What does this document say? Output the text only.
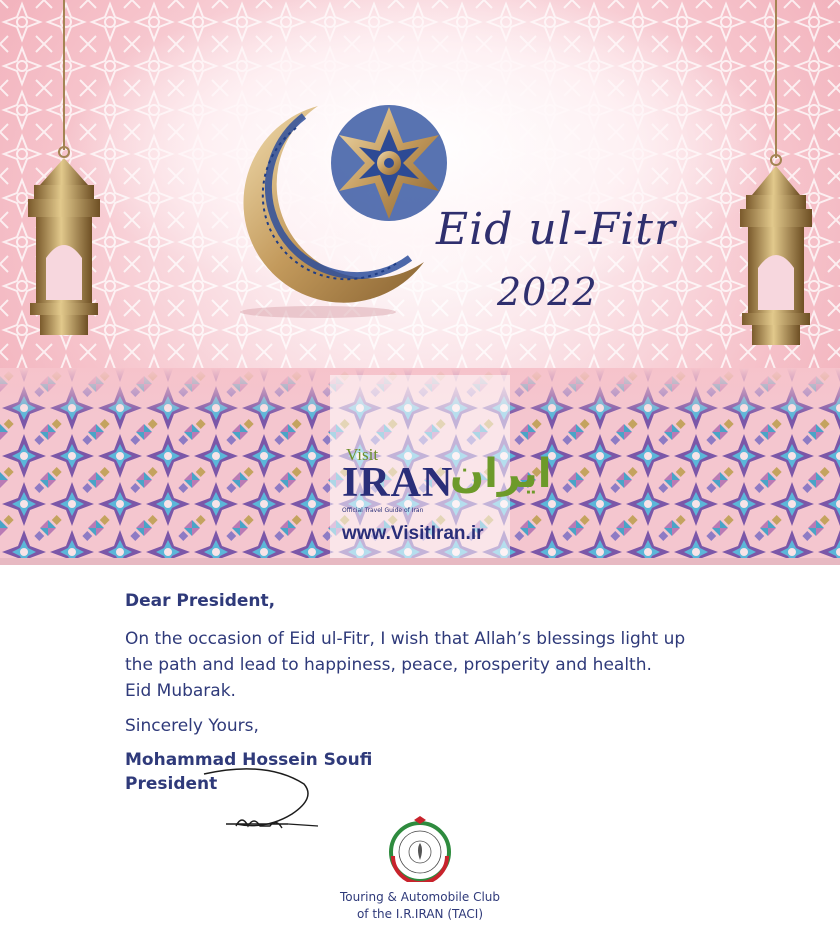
Eid ul-Fitr
2022
Visit
IRAN
ایران
Official Travel Guide of Iran
www.VisitIran.ir
Dear President,
On the occasion of Eid ul-Fitr, I wish that Allah’s blessings light up
the path and lead to happiness, peace, prosperity and health.
Eid Mubarak.
Sincerely Yours,
Mohammad Hossein Soufi
President
Touring & Automobile Club
of the I.R.IRAN (TACI)
